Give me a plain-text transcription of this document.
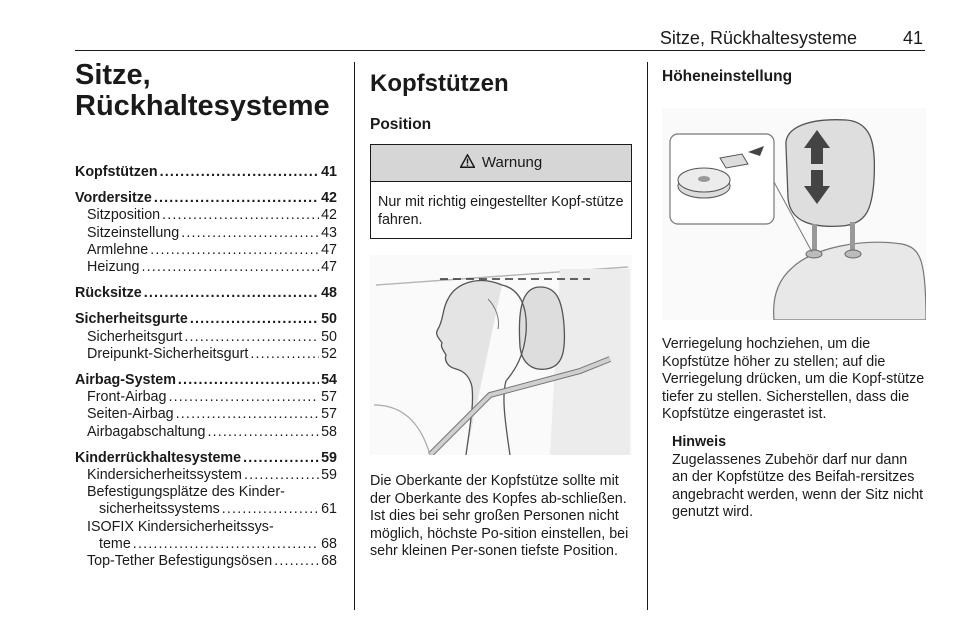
Sitze, Rückhaltesysteme	41
Sitze,
Rückhaltesysteme
Kopfstützen . . .	41
Vordersitze . . .	42
Sitzposition . . .	42
Sitzeinstellung . . .	43
Armlehne . . .	47
Heizung . . .	47
Rücksitze . . .	48
Sicherheitsgurte . . .	50
Sicherheitsgurt . . .	50
Dreipunkt-Sicherheitsgurt . . .	52
Airbag-System . . .	54
Front-Airbag . . .	57
Seiten-Airbag . . .	57
Airbagabschaltung . . .	58
Kinderrückhaltesysteme . . .	59
Kindersicherheitssystem . . .	59
Befestigungsplätze des Kinder-
sicherheitssystems . . .	61
ISOFIX Kindersicherheitssys-
teme . . .	68
Top-Tether Befestigungsösen . . .	68
Kopfstützen
Position
Warnung
Nur mit richtig eingestellter Kopf-stütze fahren.

Die Oberkante der Kopfstütze sollte mit der Oberkante des Kopfes ab-schließen. Ist dies bei sehr großen Personen nicht möglich, höchste Po-sition einstellen, bei sehr kleinen Per-sonen tiefste Position.

Höheneinstellung

Verriegelung hochziehen, um die Kopfstütze höher zu stellen; auf die Verriegelung drücken, um die Kopf-stütze tiefer zu stellen. Sicherstellen, dass die Kopfstütze eingerastet ist.

Hinweis

Zugelassenes Zubehör darf nur dann an der Kopfstütze des Beifah-rersitzes angebracht werden, wenn der Sitz nicht genutzt wird.
